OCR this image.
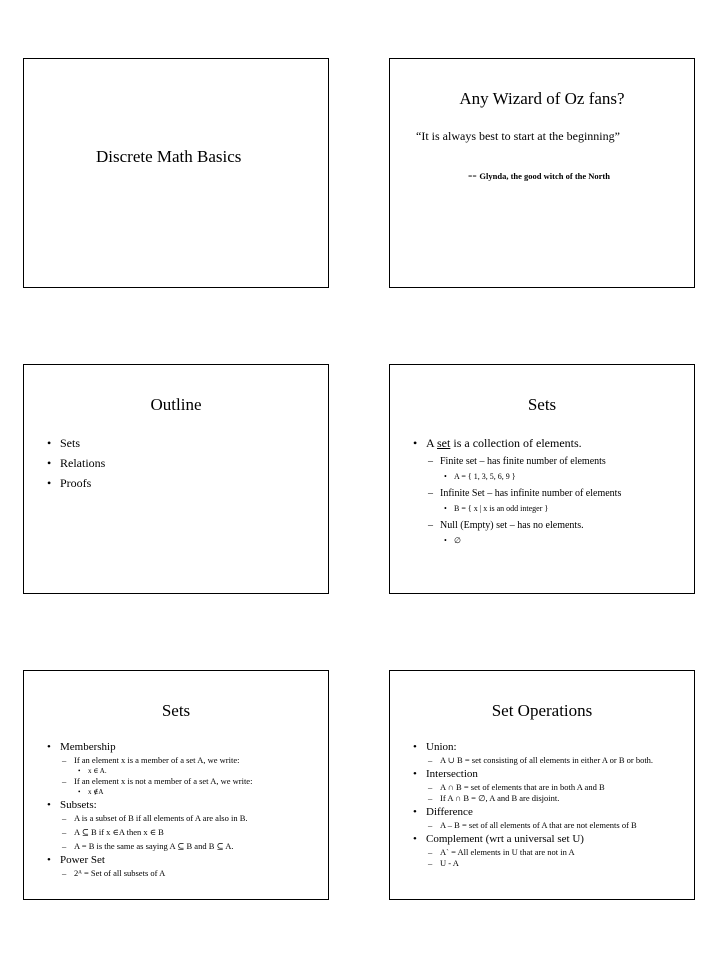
Discrete Math Basics
Any Wizard of Oz fans?
“It is always best to start at the beginning”
-- Glynda, the good witch of the North
Outline
• Sets
• Relations
• Proofs
Sets
• A set is a collection of elements.
– Finite set – has finite number of elements
• A = { 1, 3, 5, 6, 9 }
– Infinite Set – has infinite number of elements
• B = { x | x is an odd integer }
– Null (Empty) set – has no elements.
• ∅
Sets
• Membership
– If an element x is a member of a set A, we write:
• x ∈ A.
– If an element x is not a member of a set A, we write:
• x ∉A
• Subsets:
– A is a subset of B if all elements of A are also in B.
– A ⊆ B if x ∈A then x ∈ B
– A = B is the same as saying A ⊆ B and B ⊆ A.
• Power Set
– 2ᴬ = Set of all subsets of A
Set Operations
• Union:
– A ∪ B = set consisting of all elements in either A or B or both.
• Intersection
– A ∩ B = set of elements that are in both A and B
– If A ∩ B = ∅, A and B are disjoint.
• Difference
– A – B = set of all elements of A that are not elements of B
• Complement (wrt a universal set U)
– A` = All elements in U that are not in A
– U - A
